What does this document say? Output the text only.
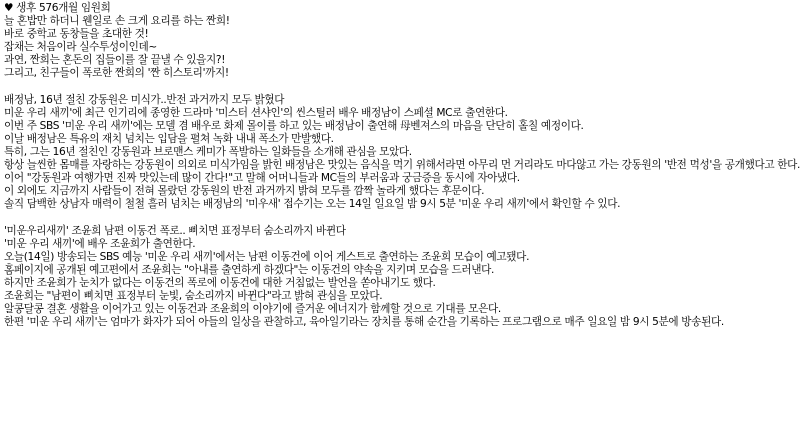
♥ 생후 576개월 임원희
늘 혼밥만 하더니 웬일로 손 크게 요리를 하는 짠희!
바로 중학교 동창들을 초대한 것!
잡채는 처음이라 실수투성이인데~
과연, 짠희는 혼돈의 집들이를 잘 끝낼 수 있을지?!
그리고, 친구들이 폭로한 짠희의 '짠 히스토리'까지!
배정남, 16년 절친 강동원은 미식가..반전 과거까지 모두 밝혔다
미운 우리 새끼'에 최근 인기리에 종영한 드라마 '미스터 션샤인'의 씬스틸러 배우 배정남이 스페셜 MC로 출연한다.
이번 주 SBS '미운 우리 새끼'에는 모델 겸 배우로 화제 몰이를 하고 있는 배정남이 출연해 母벤져스의 마음을 단단히 홀칠 예정이다.
이날 배정남은 특유의 재치 넘치는 입담을 펼쳐 녹화 내내 폭소가 만발했다.
특히, 그는 16년 절친인 강동원과 브로맨스 케미가 폭발하는 일화들을 소개해 관심을 모았다.
항상 늘씬한 몸매를 자랑하는 강동원이 의외로 미식가임을 밝힌 배정남은 맛있는 음식을 먹기 위해서라면 아무리 먼 거리라도 마다않고 가는 강동원의 '반전 먹성'을 공개했다고 한다.
이어 "강동원과 여행가면 진짜 맛있는데 많이 간다!"고 말해 어머니들과 MC들의 부러움과 궁금증을 동시에 자아냈다.
이 외에도 지금까지 사람들이 전혀 몰랐던 강동원의 반전 과거까지 밝혀 모두를 깜짝 놀라게 했다는 후문이다.
솔직 담백한 상남자 매력이 철철 흘러 넘치는 배정남의 '미우새' 접수기는 오는 14일 일요일 밤 9시 5분 '미운 우리 새끼'에서 확인할 수 있다.
'미운우리새끼' 조윤희 남편 이동건 폭로.. 삐치면 표정부터 숨소리까지 바뀐다
'미운 우리 새끼'에 배우 조윤희가 출연한다.
오늘(14일) 방송되는 SBS 예능 '미운 우리 새끼'에서는 남편 이동건에 이어 게스트로 출연하는 조윤희 모습이 예고됐다.
홈페이지에 공개된 예고편에서 조윤희는 "아내를 출연하게 하겠다"는 이동건의 약속을 지키며 모습을 드러낸다.
하지만 조윤희가 눈치가 없다는 이동건의 폭로에 이동건에 대한 거침없는 발언을 쏟아내기도 했다.
조윤희는 "남편이 삐치면 표정부터 눈빛, 숨소리까지 바뀐다"라고 밝혀 관심을 모았다.
알콩달콩 결혼 생활을 이어가고 있는 이동건과 조윤희의 이야기에 즐거운 에너지가 함께할 것으로 기대를 모은다.
한편 '미운 우리 새끼'는 엄마가 화자가 되어 아들의 일상을 관찰하고, 육아일기라는 장치를 통해 순간을 기록하는 프로그램으로 매주 일요일 밤 9시 5분에 방송된다.
